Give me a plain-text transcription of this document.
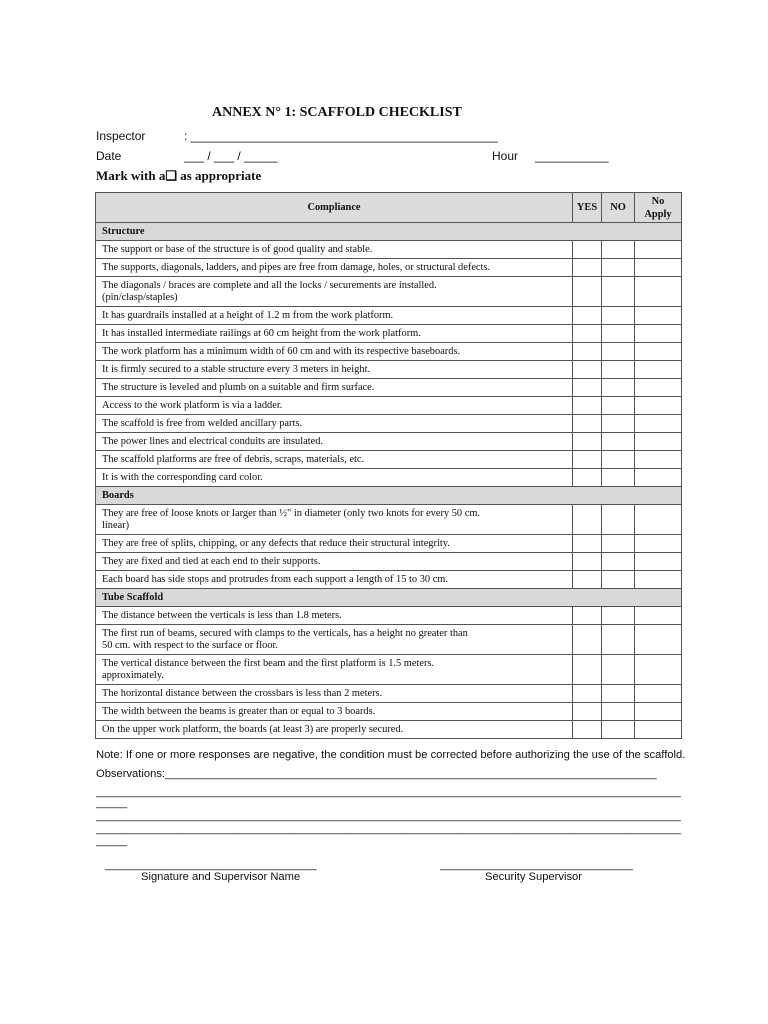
ANNEX N° 1: SCAFFOLD CHECKLIST
Inspector	: ______________________________________________
Date	___ / ___ / _____	Hour ___________
Mark with a❑ as appropriate
Compliance	YES	NO	No
Apply

Structure			

The support or base of the structure is of good quality and stable.			

The supports, diagonals, ladders, and pipes are free from damage, holes, or structural defects.			

The diagonals / braces are complete and all the locks / securements are installed.
(pin/clasp/staples)			

It has guardrails installed at a height of 1.2 m from the work platform.			

It has installed intermediate railings at 60 cm height from the work platform.			

The work platform has a minimum width of 60 cm and with its respective baseboards.			

It is firmly secured to a stable structure every 3 meters in height.			

The structure is leveled and plumb on a suitable and firm surface.			

Access to the work platform is via a ladder.			

The scaffold is free from welded ancillary parts.			

The power lines and electrical conduits are insulated.			

The scaffold platforms are free of debris, scraps, materials, etc.			

It is with the corresponding card color.			

Boards			

They are free of loose knots or larger than ½" in diameter (only two knots for every 50 cm.
linear)			

They are free of splits, chipping, or any defects that reduce their structural integrity.			

They are fixed and tied at each end to their supports.			

Each board has side stops and protrudes from each support a length of 15 to 30 cm.			

Tube Scaffold			

The distance between the verticals is less than 1.8 meters.			

The first run of beams, secured with clamps to the verticals, has a height no greater than
50 cm. with respect to the surface or floor.			

The vertical distance between the first beam and the first platform is 1.5 meters.
approximately.			

The horizontal distance between the crossbars is less than 2 meters.			

The width between the beams is greater than or equal to 3 boards.			

On the upper work platform, the boards (at least 3) are properly secured.			

Note: If one or more responses are negative, the condition must be corrected before authorizing the use of the scaffold.
Observations:_______________________________________________________________________________
______________________________________________________________________________________________
_____
______________________________________________________________________________________________
______________________________________________________________________________________________
_____
__________________________________
Signature and Supervisor Name
_______________________________
Security Supervisor
